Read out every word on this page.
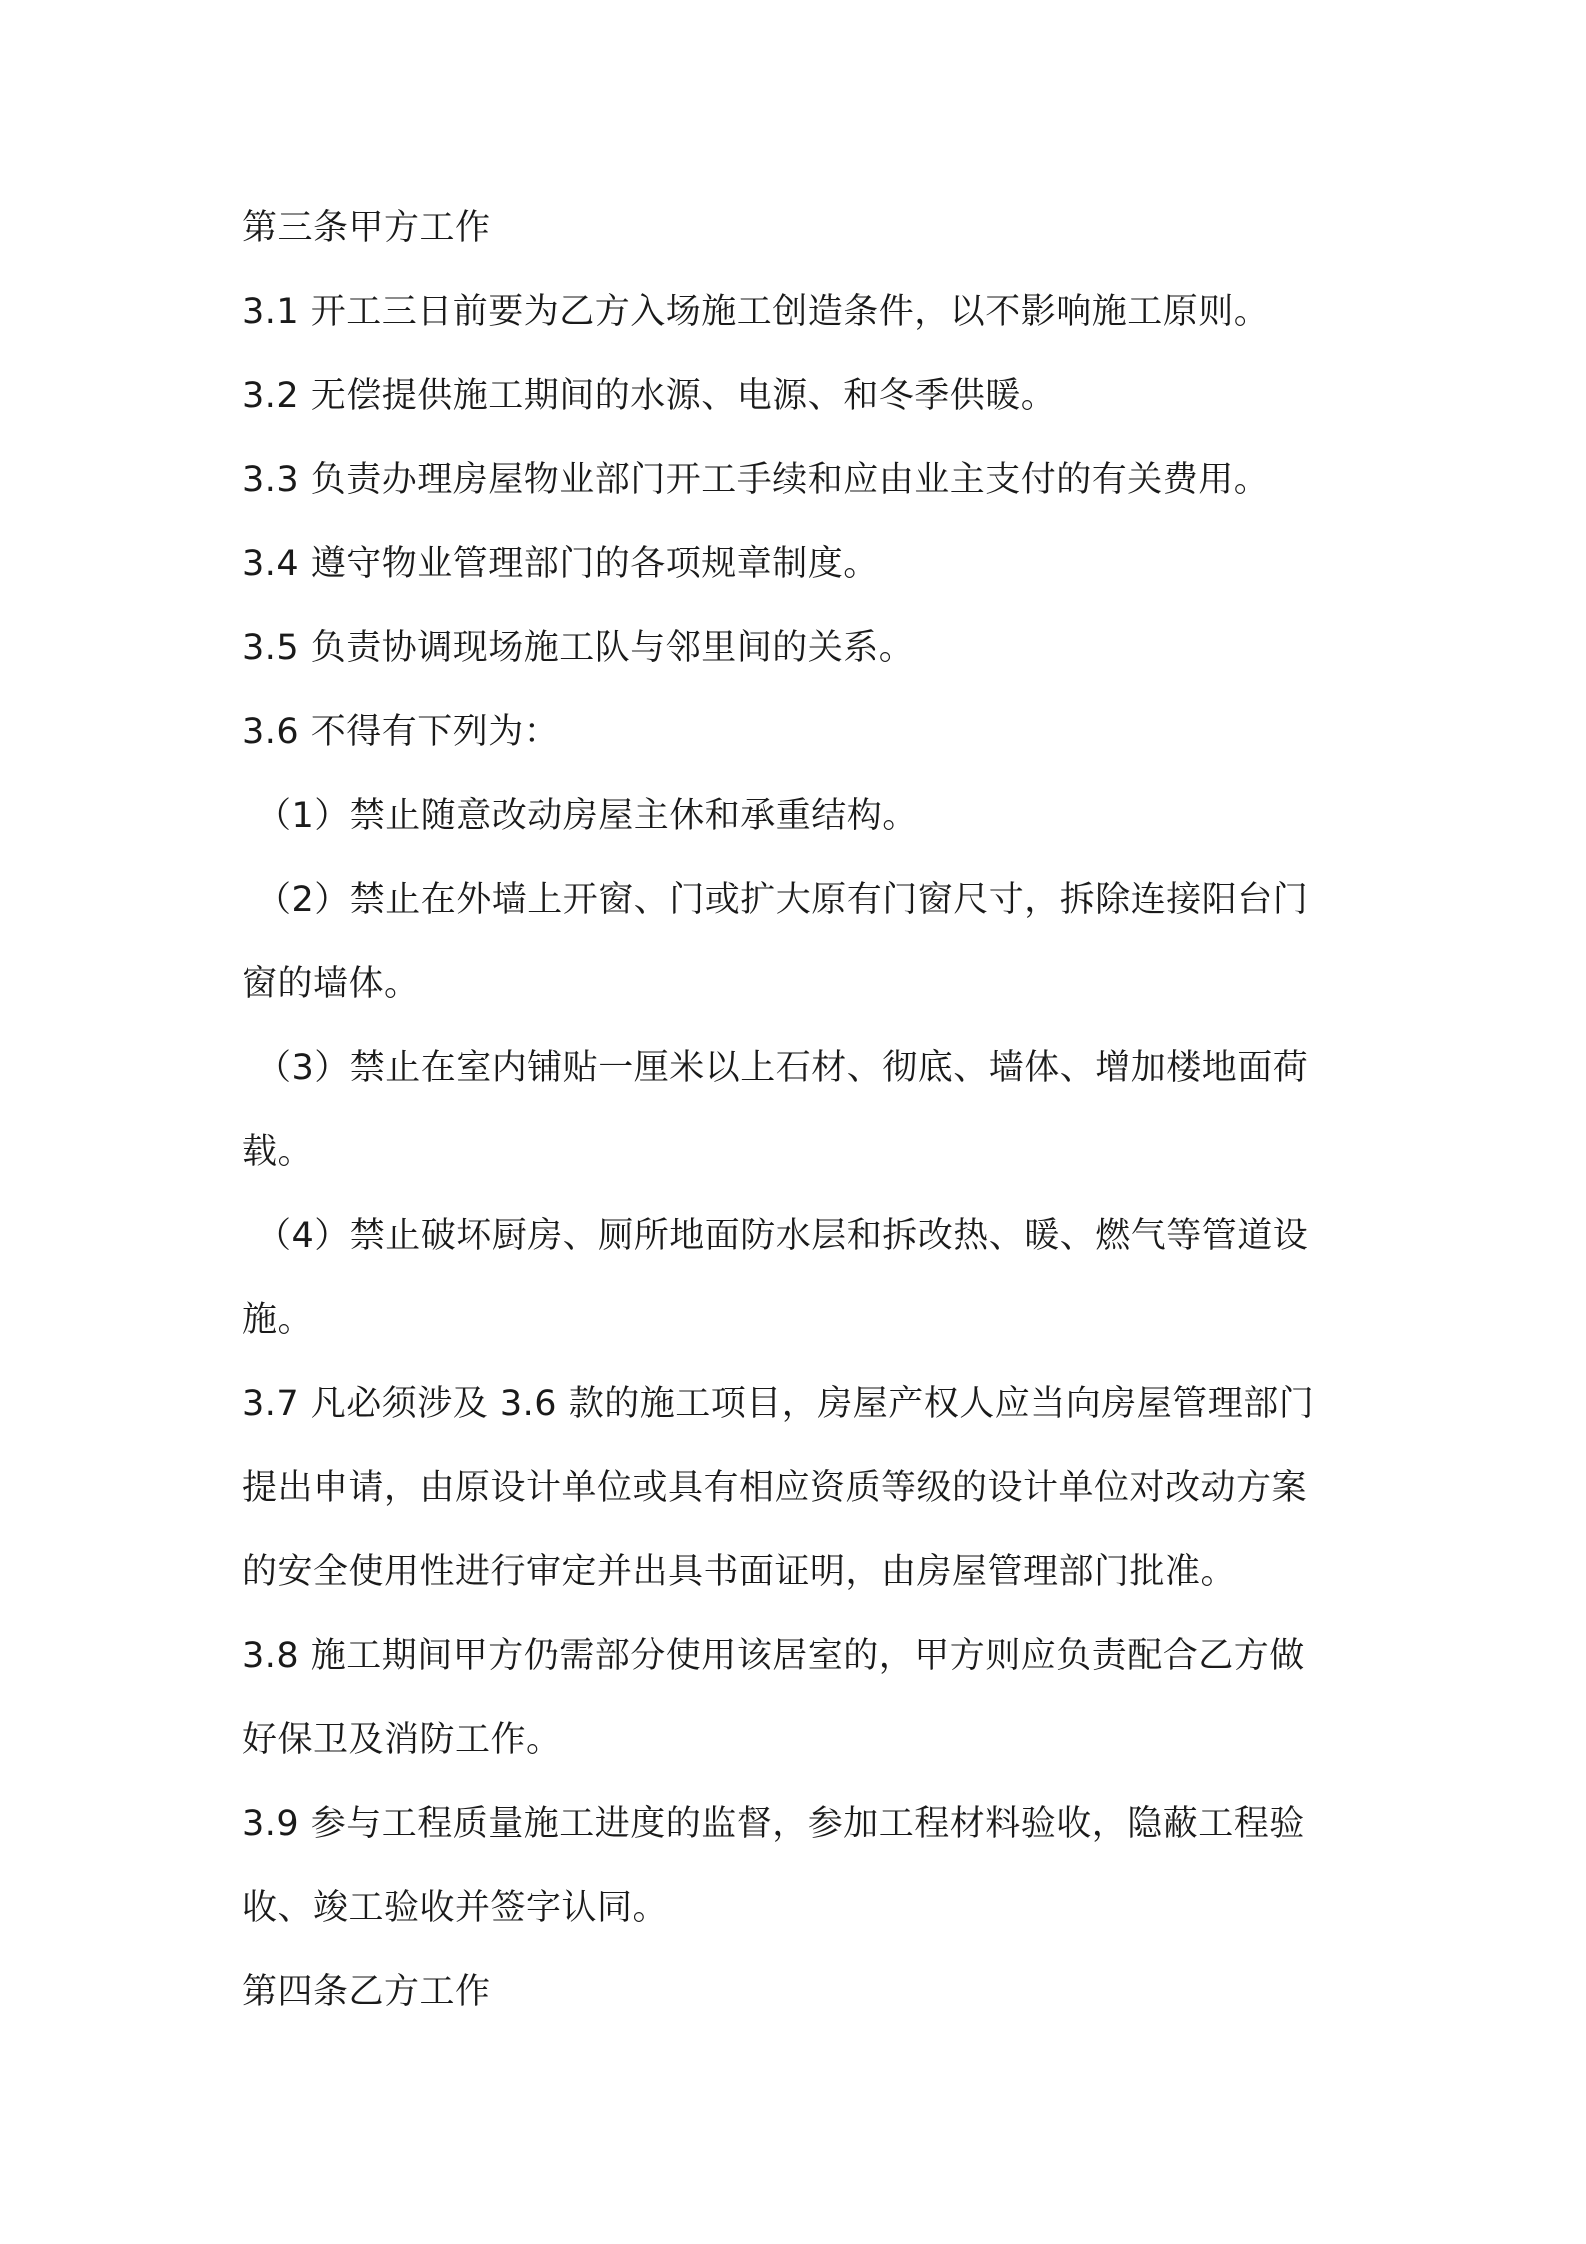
第三条甲方工作
3.1 开工三日前要为乙方入场施工创造条件，以不影响施工原则。
3.2 无偿提供施工期间的水源、电源、和冬季供暖。
3.3 负责办理房屋物业部门开工手续和应由业主支付的有关费用。
3.4 遵守物业管理部门的各项规章制度。
3.5 负责协调现场施工队与邻里间的关系。
3.6 不得有下列为：
（1）禁止随意改动房屋主休和承重结构。
（2）禁止在外墙上开窗、门或扩大原有门窗尺寸，拆除连接阳台门
窗的墙体。
（3）禁止在室内铺贴一厘米以上石材、彻底、墙体、增加楼地面荷
载。
（4）禁止破坏厨房、厕所地面防水层和拆改热、暖、燃气等管道设
施。
3.7 凡必须涉及 3.6 款的施工项目，房屋产权人应当向房屋管理部门
提出申请，由原设计单位或具有相应资质等级的设计单位对改动方案
的安全使用性进行审定并出具书面证明，由房屋管理部门批准。
3.8 施工期间甲方仍需部分使用该居室的，甲方则应负责配合乙方做
好保卫及消防工作。
3.9 参与工程质量施工进度的监督，参加工程材料验收，隐蔽工程验
收、竣工验收并签字认同。
第四条乙方工作
